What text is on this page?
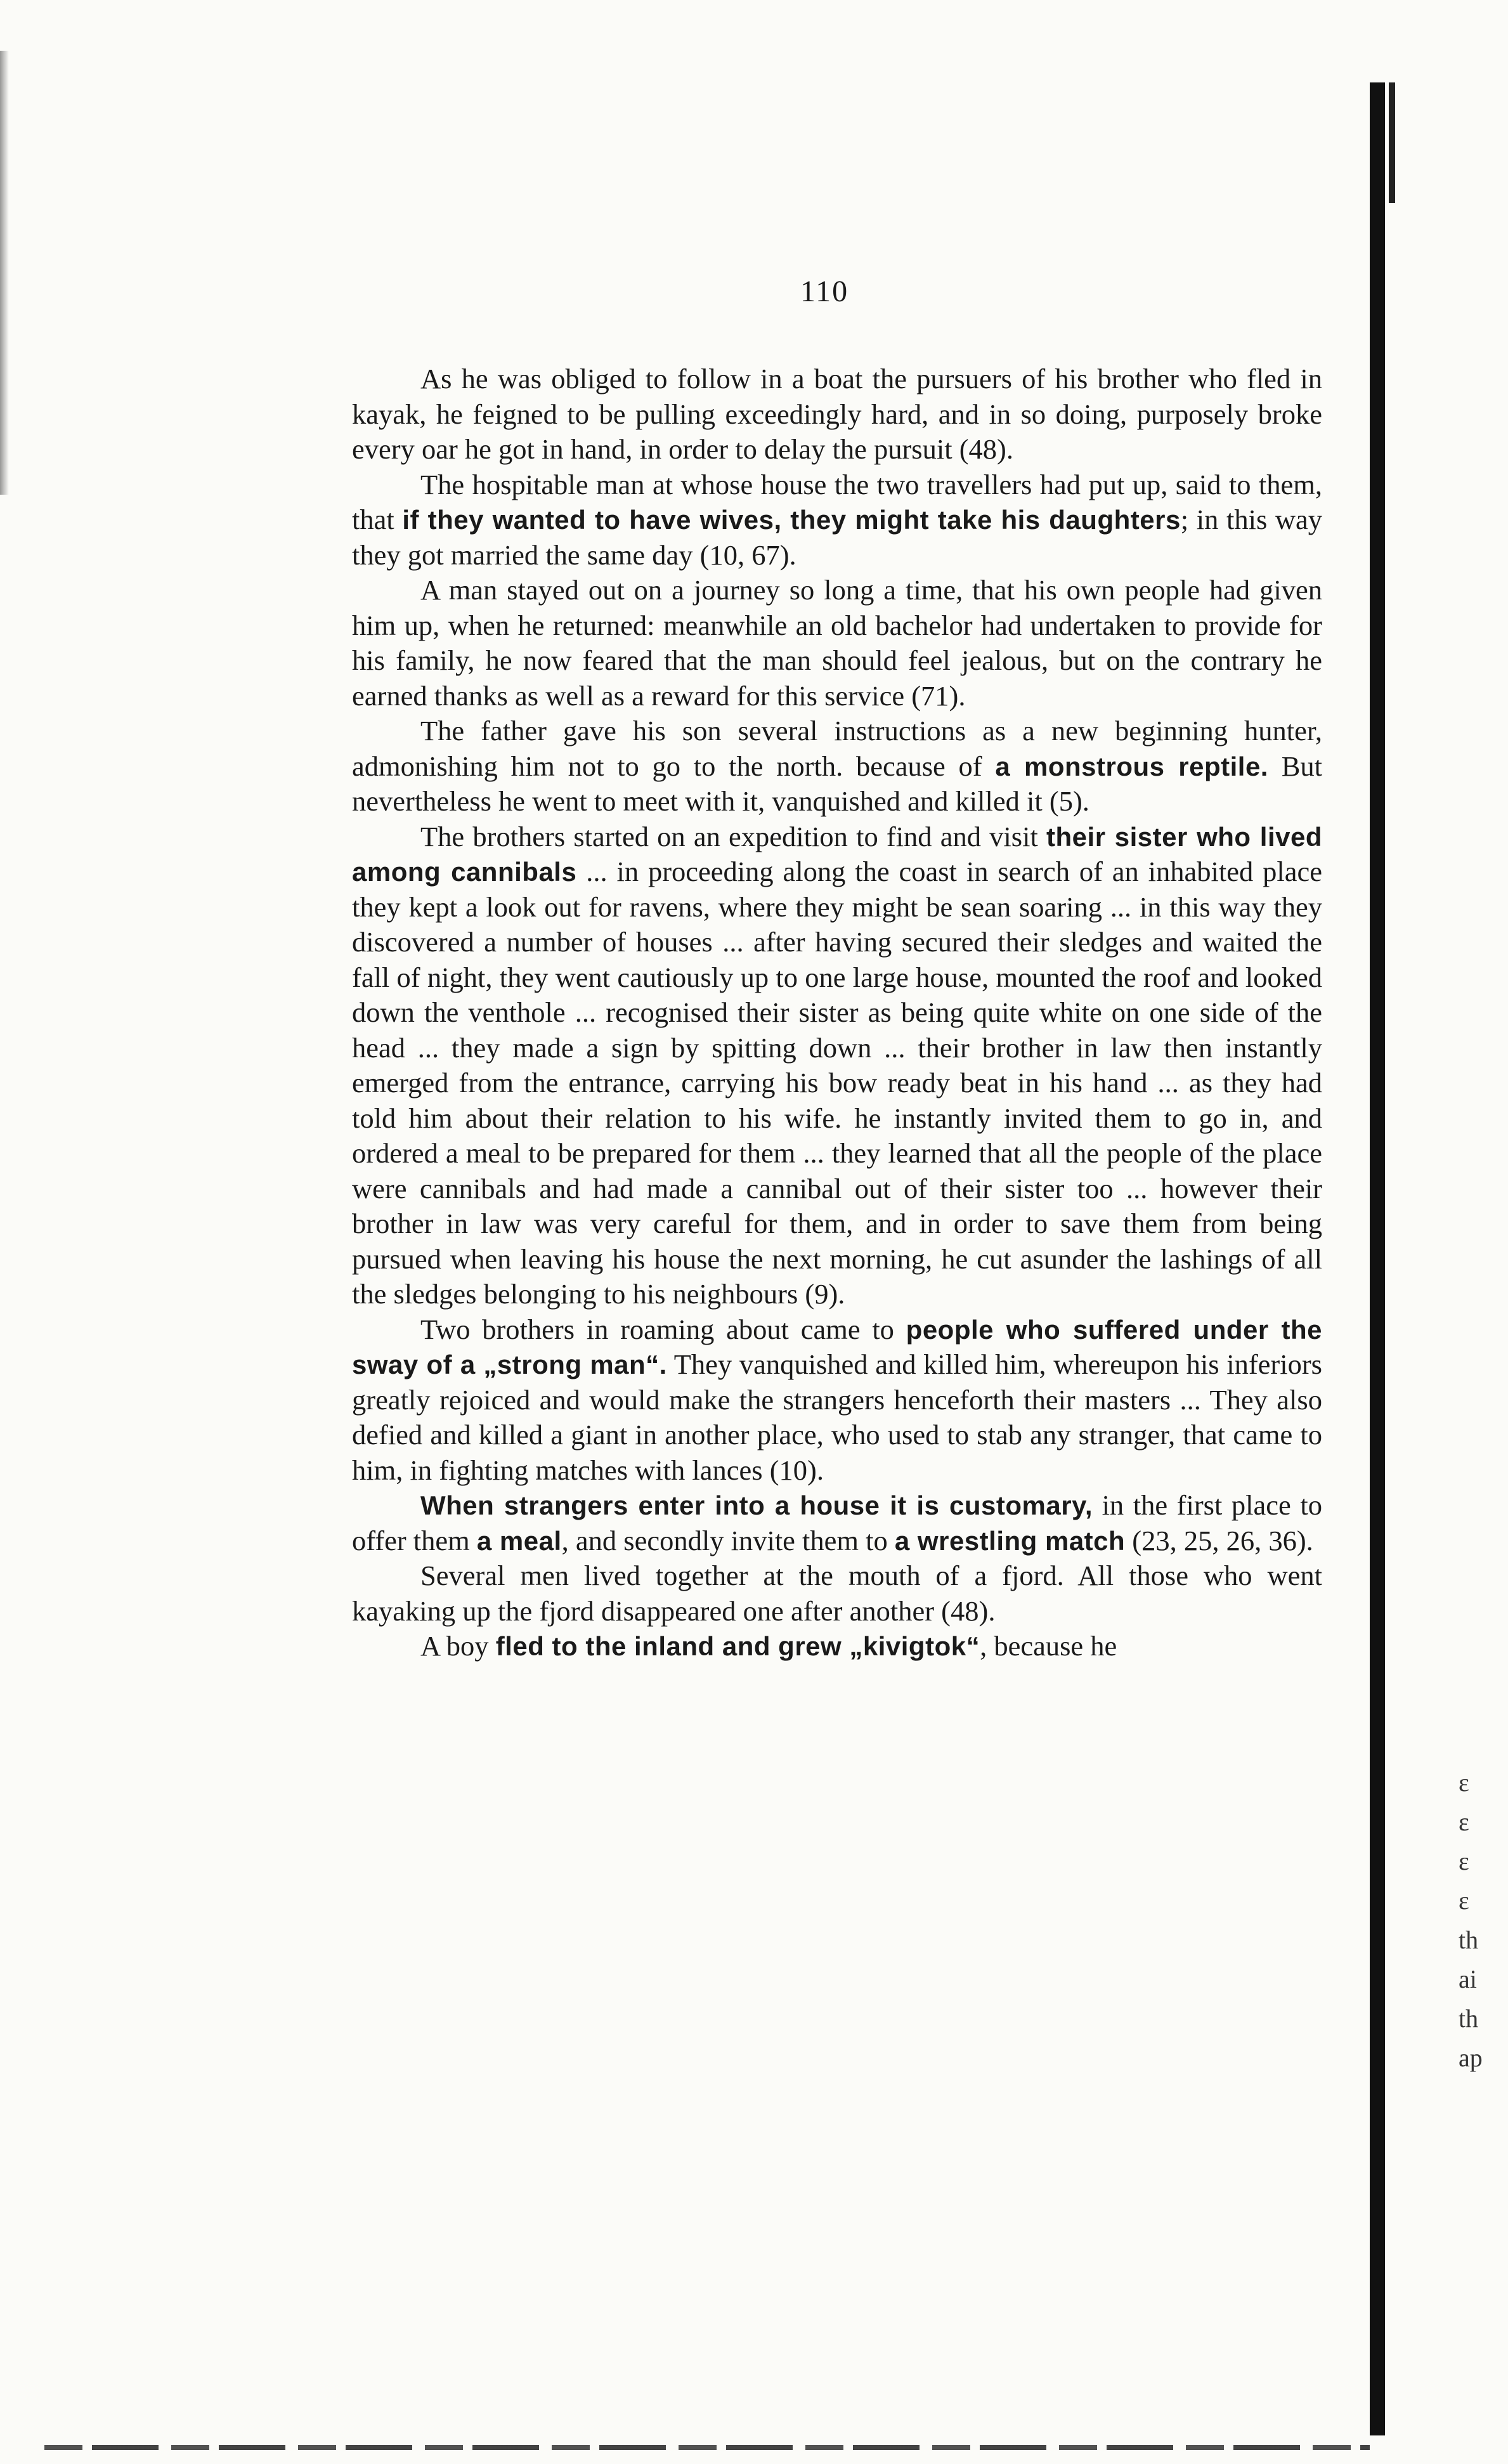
110

As he was obliged to follow in a boat the pursuers of his brother who fled in kayak, he feigned to be pulling exceedingly hard, and in so doing, purposely broke every oar he got in hand, in order to delay the pursuit (48).

The hospitable man at whose house the two travellers had put up, said to them, that if they wanted to have wives, they might take his daughters; in this way they got married the same day (10, 67).

A man stayed out on a journey so long a time, that his own people had given him up, when he returned: meanwhile an old bachelor had undertaken to provide for his family, he now feared that the man should feel jealous, but on the contrary he earned thanks as well as a reward for this service (71).

The father gave his son several instructions as a new beginning hunter, admonishing him not to go to the north. because of a monstrous reptile. But nevertheless he went to meet with it, vanquished and killed it (5).

The brothers started on an expedition to find and visit their sister who lived among cannibals ... in proceeding along the coast in search of an inhabited place they kept a look out for ravens, where they might be sean soaring ... in this way they discovered a number of houses ... after having secured their sledges and waited the fall of night, they went cautiously up to one large house, mounted the roof and looked down the venthole ... recognised their sister as being quite white on one side of the head ... they made a sign by spitting down ... their brother in law then instantly emerged from the entrance, carrying his bow ready beat in his hand ... as they had told him about their relation to his wife. he instantly invited them to go in, and ordered a meal to be prepared for them ... they learned that all the people of the place were cannibals and had made a cannibal out of their sister too ... however their brother in law was very careful for them, and in order to save them from being pursued when leaving his house the next morning, he cut asunder the lashings of all the sledges belonging to his neighbours (9).

Two brothers in roaming about came to people who suffered under the sway of a „strong man“. They vanquished and killed him, whereupon his inferiors greatly rejoiced and would make the strangers henceforth their masters ... They also defied and killed a giant in another place, who used to stab any stranger, that came to him, in fighting matches with lances (10).

When strangers enter into a house it is customary, in the first place to offer them a meal, and secondly invite them to a wrestling match (23, 25, 26, 36).

Several men lived together at the mouth of a fjord. All those who went kayaking up the fjord disappeared one after another (48).

A boy fled to the inland and grew „kivigtok“, because he

ɛ
ɛ
ɛ
ɛ
th
ai
th
ap
